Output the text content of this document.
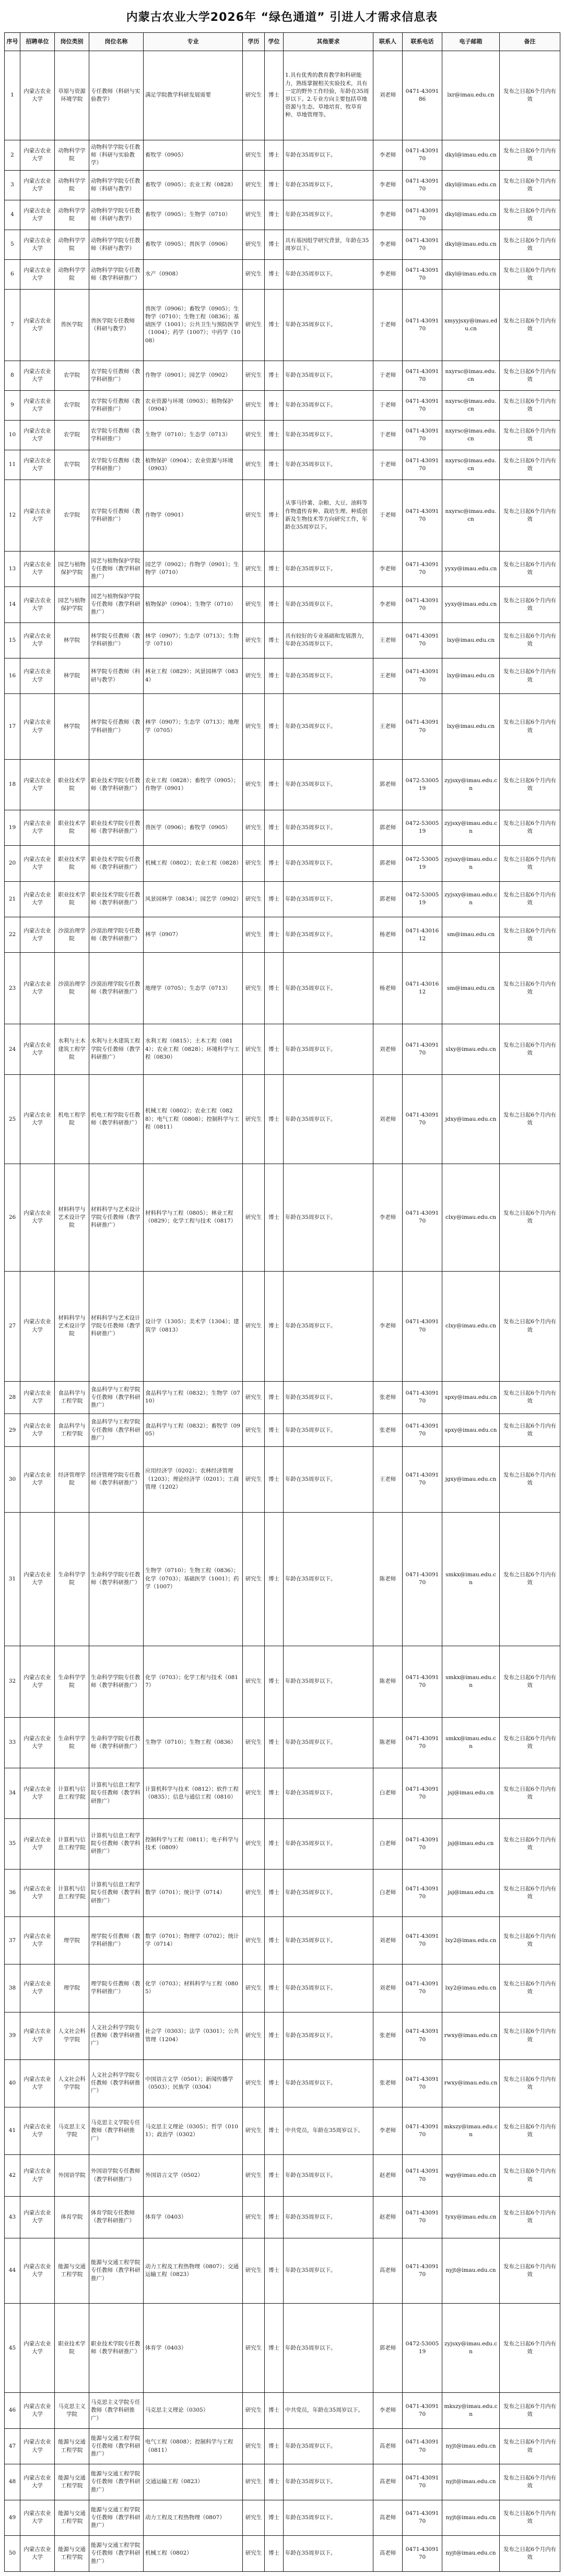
内蒙古农业大学2026年 “绿色通道” 引进人才需求信息表
序号	招聘单位	岗位类别	岗位名称	专业	学历	学位	其他要求	联系人	联系电话	电子邮箱	备注
1	内蒙古农业大学	草原与资源环境学院	专任教师（科研与实验教学）	满足学院教学科研发展需要	研究生	博士	1.具有优秀的教育教学和科研能力，熟练掌握相关实验技术，具有一定的野外工作经验，年龄在35周岁以下。2.专业方向主要包括草地资源与生态、草地培育、牧草育种、草地管理等。	刘老师	0471-4309186	lxr@imau.edu.cn	发布之日起6个月内有效
2	内蒙古农业大学	动物科学学院	动物科学学院专任教师（科研与实验教学）	畜牧学（0905）	研究生	博士	年龄在35周岁以下。	李老师	0471-4309170	dkyl@imau.edu.cn	发布之日起6个月内有效
3	内蒙古农业大学	动物科学学院	动物科学学院专任教师（科研与教学）	畜牧学（0905）；农业工程（0828）	研究生	博士	年龄在35周岁以下。	李老师	0471-4309170	dkyl@imau.edu.cn	发布之日起6个月内有效
4	内蒙古农业大学	动物科学学院	动物科学学院专任教师（科研与教学）	畜牧学（0905）；生物学（0710）	研究生	博士	年龄在35周岁以下。	李老师	0471-4309170	dkyl@imau.edu.cn	发布之日起6个月内有效
5	内蒙古农业大学	动物科学学院	动物科学学院专任教师（科研与教学）	畜牧学（0905）；兽医学（0906）	研究生	博士	具有基因组学研究背景，年龄在35周岁以下。	李老师	0471-4309170	dkyl@imau.edu.cn	发布之日起6个月内有效
6	内蒙古农业大学	动物科学学院	动物科学学院专任教师（教学科研推广）	水产（0908）	研究生	博士	年龄在35周岁以下。	李老师	0471-4309170	dkyl@imau.edu.cn	发布之日起6个月内有效
7	内蒙古农业大学	兽医学院	兽医学院专任教师（科研与教学）	兽医学（0906）；畜牧学（0905）；生物学（0710）；生物工程（0836）；基础医学（1001）；公共卫生与预防医学（1004）；药学（1007）；中药学（1008）	研究生	博士	年龄在35周岁以下。	于老师	0471-4309170	xmyyjsxy@imau.edu.cn	发布之日起6个月内有效
8	内蒙古农业大学	农学院	农学院专任教师（教学科研推广）	作物学（0901）；园艺学（0902）	研究生	博士	年龄在35周岁以下。	于老师	0471-4309170	nxyrsc@imau.edu.cn	发布之日起6个月内有效
9	内蒙古农业大学	农学院	农学院专任教师（教学科研推广）	农业资源与环境（0903）；植物保护（0904）	研究生	博士	年龄在35周岁以下。	于老师	0471-4309170	nxyrsc@imau.edu.cn	发布之日起6个月内有效
10	内蒙古农业大学	农学院	农学院专任教师（教学科研推广）	生物学（0710）；生态学（0713）	研究生	博士	年龄在35周岁以下。	于老师	0471-4309170	nxyrsc@imau.edu.cn	发布之日起6个月内有效
11	内蒙古农业大学	农学院	农学院专任教师（教学科研推广）	植物保护（0904）；农业资源与环境（0903）	研究生	博士	年龄在35周岁以下。	于老师	0471-4309170	nxyrsc@imau.edu.cn	发布之日起6个月内有效
12	内蒙古农业大学	农学院	农学院专任教师（教学科研推广）	作物学（0901）	研究生	博士	从事马铃薯、杂粮、大豆、油料等作物遗传育种、栽培生理、种质创新及生物技术等方向研究工作，年龄在35周岁以下。	于老师	0471-4309170	nxyrsc@imau.edu.cn	发布之日起6个月内有效
13	内蒙古农业大学	园艺与植物保护学院	园艺与植物保护学院专任教师（教学科研推广）	园艺学（0902）；作物学（0901）；生物学（0710）	研究生	博士	年龄在35周岁以下。	李老师	0471-4309170	yyxy@imau.edu.cn	发布之日起6个月内有效
14	内蒙古农业大学	园艺与植物保护学院	园艺与植物保护学院专任教师（教学科研推广）	植物保护（0904）；生物学（0710）	研究生	博士	年龄在35周岁以下。	李老师	0471-4309170	yyxy@imau.edu.cn	发布之日起6个月内有效
15	内蒙古农业大学	林学院	林学院专任教师（教学科研推广）	林学（0907）；生态学（0713）；生物学（0710）	研究生	博士	具有较好的专业基础和发展潜力，年龄在35周岁以下。	王老师	0471-4309170	lxy@imau.edu.cn	发布之日起6个月内有效
16	内蒙古农业大学	林学院	林学院专任教师（科研与教学）	林业工程（0829）；风景园林学（0834）	研究生	博士	年龄在35周岁以下。	王老师	0471-4309170	lxy@imau.edu.cn	发布之日起6个月内有效
17	内蒙古农业大学	林学院	林学院专任教师（教学科研推广）	林学（0907）；生态学（0713）；地理学（0705）	研究生	博士	年龄在35周岁以下。	王老师	0471-4309170	lxy@imau.edu.cn	发布之日起6个月内有效
18	内蒙古农业大学	职业技术学院	职业技术学院专任教师（教学科研推广）	农业工程（0828）；畜牧学（0905）；作物学（0901）	研究生	博士	年龄在35周岁以下。	郭老师	0472-5300519	zyjsxy@imau.edu.cn	发布之日起6个月内有效
19	内蒙古农业大学	职业技术学院	职业技术学院专任教师（教学科研推广）	兽医学（0906）；畜牧学（0905）	研究生	博士	年龄在35周岁以下。	郭老师	0472-5300519	zyjsxy@imau.edu.cn	发布之日起6个月内有效
20	内蒙古农业大学	职业技术学院	职业技术学院专任教师（教学科研推广）	机械工程（0802）；农业工程（0828）	研究生	博士	年龄在35周岁以下。	郭老师	0472-5300519	zyjsxy@imau.edu.cn	发布之日起6个月内有效
21	内蒙古农业大学	职业技术学院	职业技术学院专任教师（教学科研推广）	风景园林学（0834）；园艺学（0902）	研究生	博士	年龄在35周岁以下。	郭老师	0472-5300519	zyjsxy@imau.edu.cn	发布之日起6个月内有效
22	内蒙古农业大学	沙漠治理学院	沙漠治理学院专任教师（教学科研推广）	林学（0907）	研究生	博士	年龄在35周岁以下。	杨老师	0471-4301612	sm@imau.edu.cn	发布之日起6个月内有效
23	内蒙古农业大学	沙漠治理学院	沙漠治理学院专任教师（教学科研推广）	地理学（0705）；生态学（0713）	研究生	博士	年龄在35周岁以下。	杨老师	0471-4301612	sm@imau.edu.cn	发布之日起6个月内有效
24	内蒙古农业大学	水利与土木建筑工程学院	水利与土木建筑工程学院专任教师（教学科研推广）	水利工程（0815）；土木工程（0814）；农业工程（0828）；环境科学与工程（0830）	研究生	博士	年龄在35周岁以下。	刘老师	0471-4309170	slxy@imau.edu.cn	发布之日起6个月内有效
25	内蒙古农业大学	机电工程学院	机电工程学院专任教师（教学科研推广）	机械工程（0802）；农业工程（0828）；电气工程（0808）；控制科学与工程（0811）	研究生	博士	年龄在35周岁以下。	刘老师	0471-4309170	jdxy@imau.edu.cn	发布之日起6个月内有效
26	内蒙古农业大学	材料科学与艺术设计学院	材料科学与艺术设计学院专任教师（教学科研推广）	材料科学与工程（0805）；林业工程（0829）；化学工程与技术（0817）	研究生	博士	年龄在35周岁以下。	李老师	0471-4309170	clxy@imau.edu.cn	发布之日起6个月内有效
27	内蒙古农业大学	材料科学与艺术设计学院	材料科学与艺术设计学院专任教师（教学科研推广）	设计学（1305）；美术学（1304）；建筑学（0813）	研究生	博士	年龄在35周岁以下。	李老师	0471-4309170	clxy@imau.edu.cn	发布之日起6个月内有效
28	内蒙古农业大学	食品科学与工程学院	食品科学与工程学院专任教师（教学科研推广）	食品科学与工程（0832）；生物学（0710）	研究生	博士	年龄在35周岁以下。	张老师	0471-4309170	spxy@imau.edu.cn	发布之日起6个月内有效
29	内蒙古农业大学	食品科学与工程学院	食品科学与工程学院专任教师（教学科研推广）	食品科学与工程（0832）；畜牧学（0905）	研究生	博士	年龄在35周岁以下。	张老师	0471-4309170	spxy@imau.edu.cn	发布之日起6个月内有效
30	内蒙古农业大学	经济管理学院	经济管理学院专任教师（教学科研推广）	应用经济学（0202）；农林经济管理（1203）；理论经济学（0201）；工商管理（1202）	研究生	博士	年龄在35周岁以下。	王老师	0471-4309170	jgxy@imau.edu.cn	发布之日起6个月内有效
31	内蒙古农业大学	生命科学学院	生命科学学院专任教师（教学科研推广）	生物学（0710）；生物工程（0836）；化学（0703）；基础医学（1001）；药学（1007）	研究生	博士	年龄在35周岁以下。	陈老师	0471-4309170	smkx@imau.edu.cn	发布之日起6个月内有效
32	内蒙古农业大学	生命科学学院	生命科学学院专任教师（教学科研推广）	化学（0703）；化学工程与技术（0817）	研究生	博士	年龄在35周岁以下。	陈老师	0471-4309170	smkx@imau.edu.cn	发布之日起6个月内有效
33	内蒙古农业大学	生命科学学院	生命科学学院专任教师（教学科研推广）	生物学（0710）；生物工程（0836）	研究生	博士	年龄在35周岁以下。	陈老师	0471-4309170	smkx@imau.edu.cn	发布之日起6个月内有效
34	内蒙古农业大学	计算机与信息工程学院	计算机与信息工程学院专任教师（教学科研推广）	计算机科学与技术（0812）；软件工程（0835）；信息与通信工程（0810）	研究生	博士	年龄在35周岁以下。	白老师	0471-4309170	jsj@imau.edu.cn	发布之日起6个月内有效
35	内蒙古农业大学	计算机与信息工程学院	计算机与信息工程学院专任教师（教学科研推广）	控制科学与工程（0811）；电子科学与技术（0809）	研究生	博士	年龄在35周岁以下。	白老师	0471-4309170	jsj@imau.edu.cn	发布之日起6个月内有效
36	内蒙古农业大学	计算机与信息工程学院	计算机与信息工程学院专任教师（教学科研推广）	数学（0701）；统计学（0714）	研究生	博士	年龄在35周岁以下。	白老师	0471-4309170	jsj@imau.edu.cn	发布之日起6个月内有效
37	内蒙古农业大学	理学院	理学院专任教师（教学科研推广）	数学（0701）；物理学（0702）；统计学（0714）	研究生	博士	年龄在35周岁以下。	刘老师	0471-4309170	lxy2@imau.edu.cn	发布之日起6个月内有效
38	内蒙古农业大学	理学院	理学院专任教师（教学科研推广）	化学（0703）；材料科学与工程（0805）	研究生	博士	年龄在35周岁以下。	刘老师	0471-4309170	lxy2@imau.edu.cn	发布之日起6个月内有效
39	内蒙古农业大学	人文社会科学学院	人文社会科学学院专任教师（教学科研推广）	社会学（0303）；法学（0301）；公共管理（1204）	研究生	博士	年龄在35周岁以下。	张老师	0471-4309170	rwxy@imau.edu.cn	发布之日起6个月内有效
40	内蒙古农业大学	人文社会科学学院	人文社会科学学院专任教师（教学科研推广）	中国语言文学（0501）；新闻传播学（0503）；民族学（0304）	研究生	博士	年龄在35周岁以下。	张老师	0471-4309170	rwxy@imau.edu.cn	发布之日起6个月内有效
41	内蒙古农业大学	马克思主义学院	马克思主义学院专任教师（教学科研推广）	马克思主义理论（0305）；哲学（0101）；政治学（0302）	研究生	博士	中共党员，年龄在35周岁以下。	李老师	0471-4309170	mkszy@imau.edu.cn	发布之日起6个月内有效
42	内蒙古农业大学	外国语学院	外国语学院专任教师（教学科研推广）	外国语言文学（0502）	研究生	博士	年龄在35周岁以下。	赵老师	0471-4309170	wgy@imau.edu.cn	发布之日起6个月内有效
43	内蒙古农业大学	体育学院	体育学院专任教师（教学科研推广）	体育学（0403）	研究生	博士	年龄在35周岁以下。	赵老师	0471-4309170	tyxy@imau.edu.cn	发布之日起6个月内有效
44	内蒙古农业大学	能源与交通工程学院	能源与交通工程学院专任教师（教学科研推广）	动力工程及工程热物理（0807）；交通运输工程（0823）	研究生	博士	年龄在35周岁以下。	高老师	0471-4309170	nyjt@imau.edu.cn	发布之日起6个月内有效
45	内蒙古农业大学	职业技术学院	职业技术学院专任教师（教学科研推广）	体育学（0403）	研究生	博士	年龄在35周岁以下。	郭老师	0472-5300519	zyjsxy@imau.edu.cn	发布之日起6个月内有效
46	内蒙古农业大学	马克思主义学院	马克思主义学院专任教师（教学科研推广）	马克思主义理论（0305）	研究生	博士	中共党员，年龄在35周岁以下。	李老师	0471-4309170	mkszy@imau.edu.cn	发布之日起6个月内有效
47	内蒙古农业大学	能源与交通工程学院	能源与交通工程学院专任教师（教学科研推广）	电气工程（0808）；控制科学与工程（0811）	研究生	博士	年龄在35周岁以下。	高老师	0471-4309170	nyjt@imau.edu.cn	发布之日起6个月内有效
48	内蒙古农业大学	能源与交通工程学院	能源与交通工程学院专任教师（教学科研推广）	交通运输工程（0823）	研究生	博士	年龄在35周岁以下。	高老师	0471-4309170	nyjt@imau.edu.cn	发布之日起6个月内有效
49	内蒙古农业大学	能源与交通工程学院	能源与交通工程学院专任教师（教学科研推广）	动力工程及工程热物理（0807）	研究生	博士	年龄在35周岁以下。	高老师	0471-4309170	nyjt@imau.edu.cn	发布之日起6个月内有效
50	内蒙古农业大学	能源与交通工程学院	能源与交通工程学院专任教师（教学科研推广）	机械工程（0802）	研究生	博士	年龄在35周岁以下。	高老师	0471-4309170	nyjt@imau.edu.cn	发布之日起6个月内有效
